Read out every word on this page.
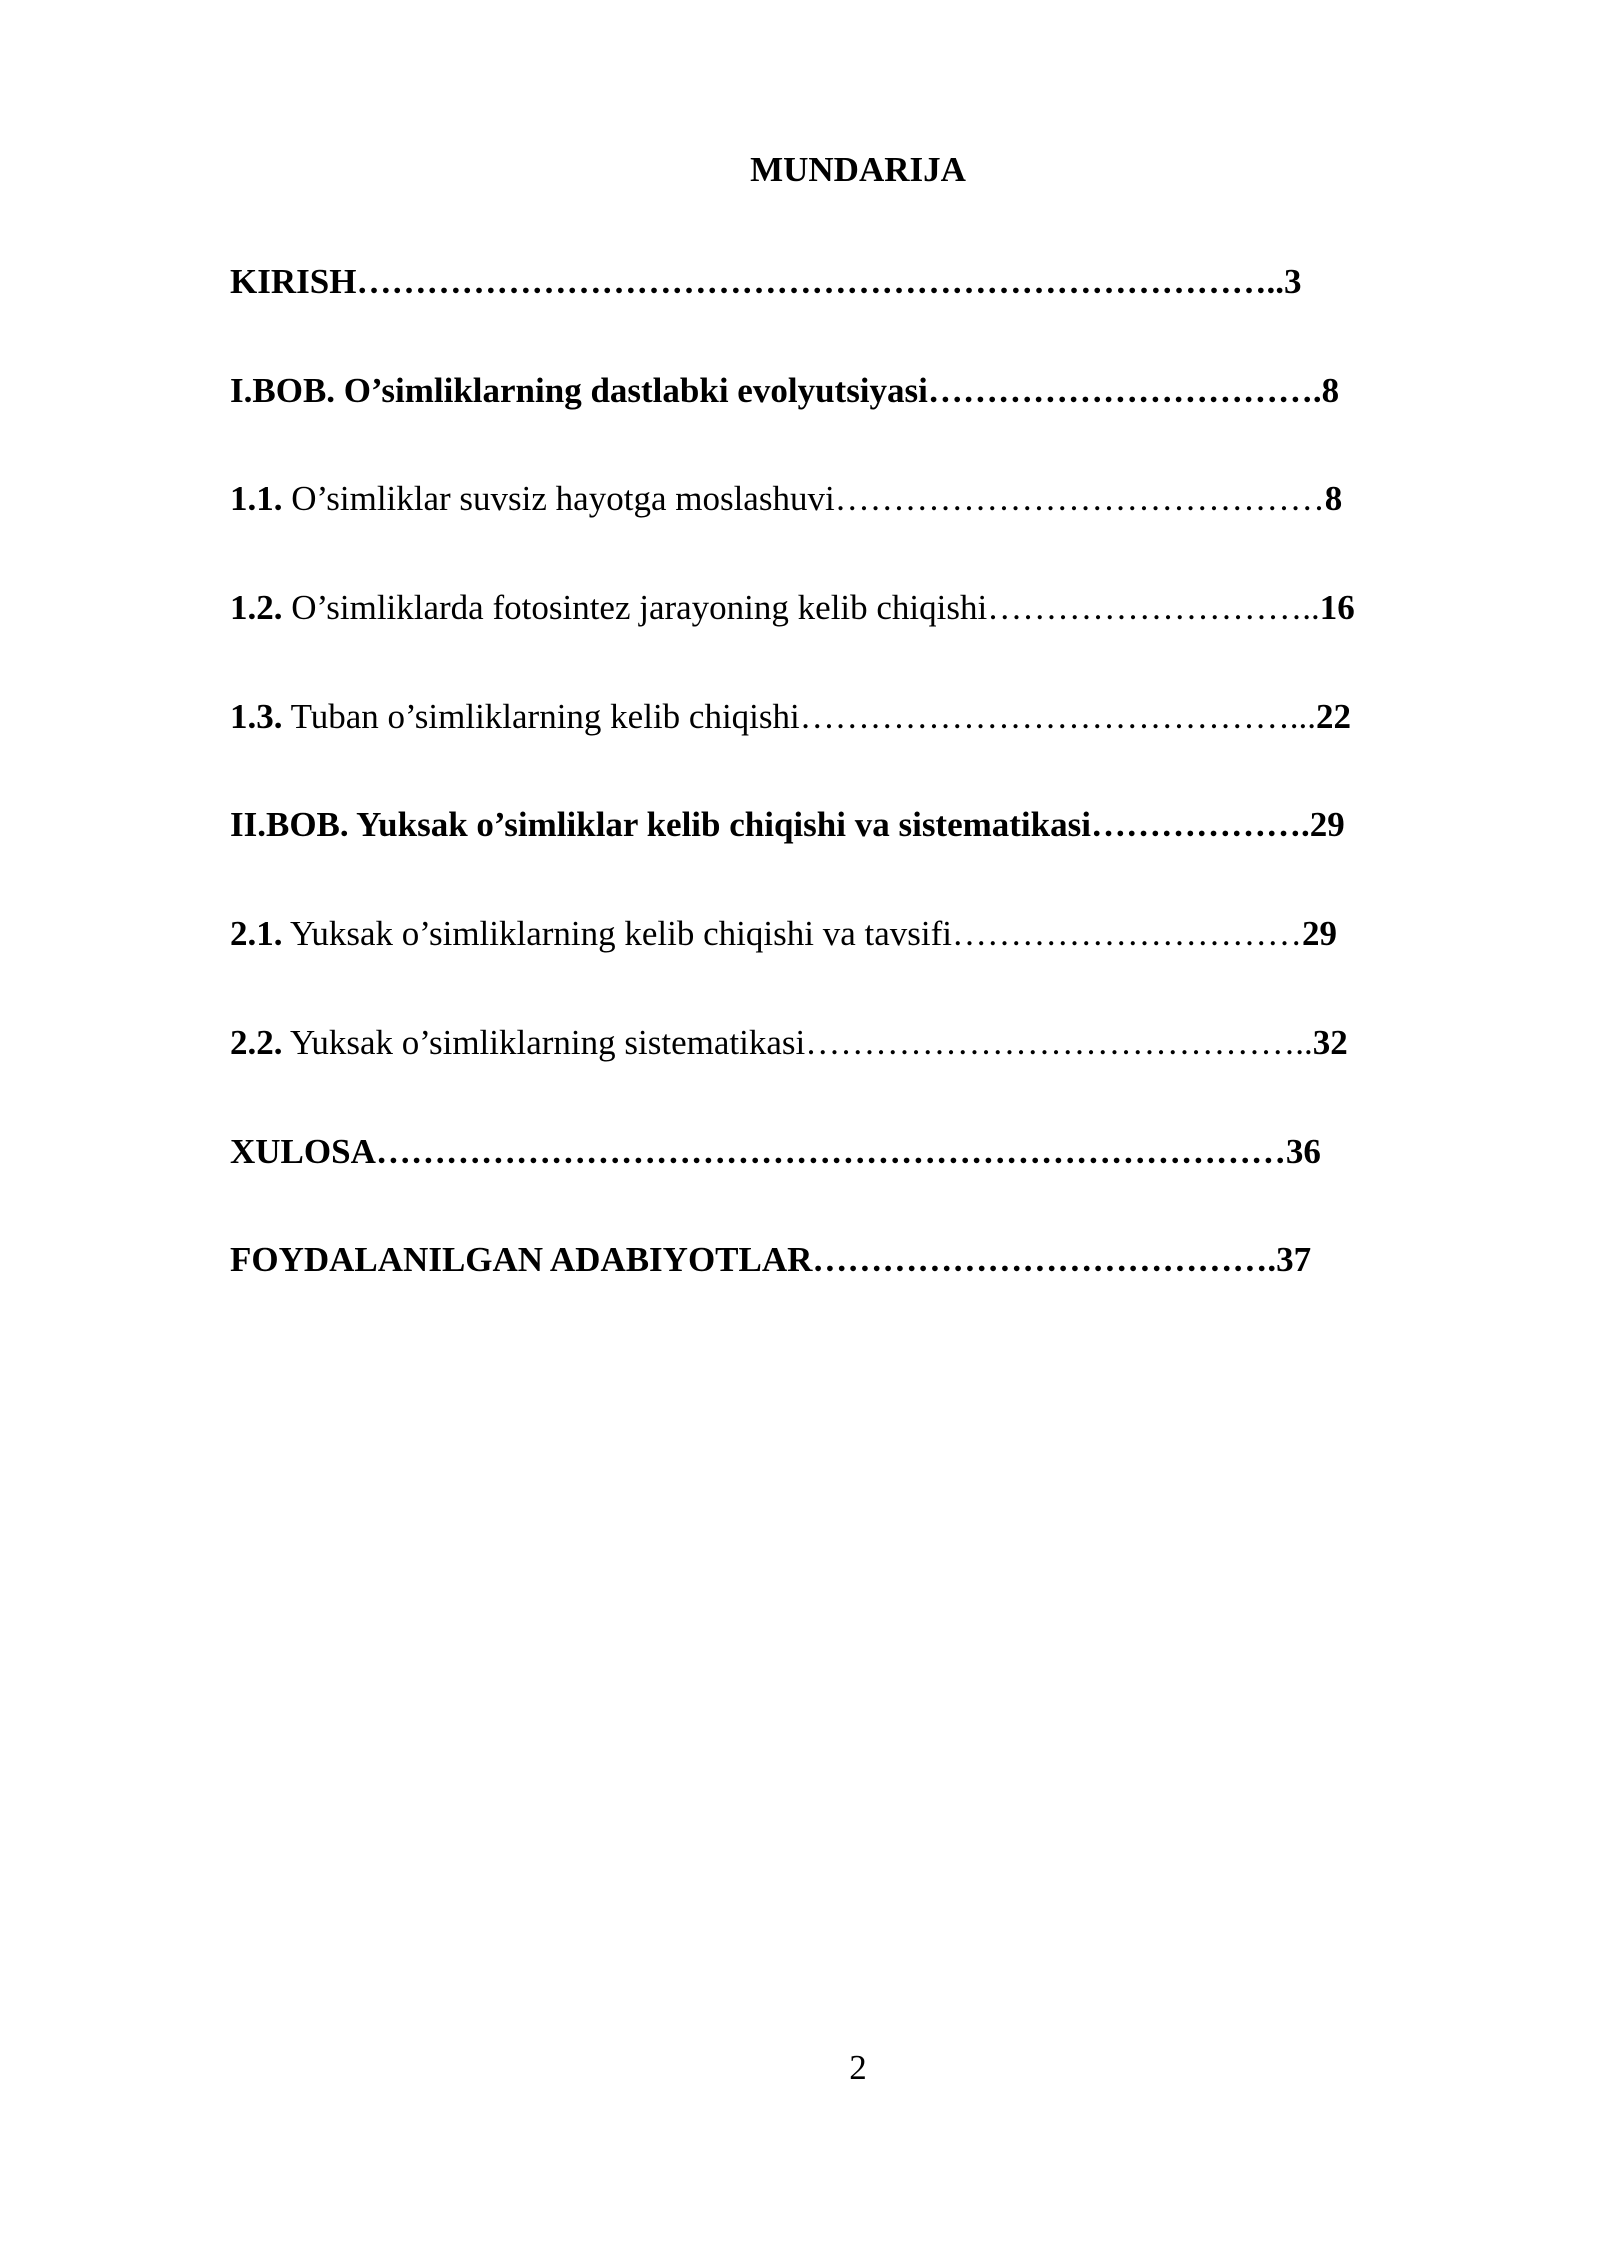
MUNDARIJA
KIRISH……………………………………………………………………..3
I.BOB. O’simliklarning dastlabki evolyutsiyasi…………………………….8
1.1. O’simliklar suvsiz hayotga moslashuvi……………………………………8
1.2. O’simliklarda fotosintez jarayoning kelib chiqishi………………………..16
1.3. Tuban o’simliklarning kelib chiqishi……………………………………...22
II.BOB. Yuksak o’simliklar kelib chiqishi va sistematikasi……………….29
2.1. Yuksak o’simliklarning kelib chiqishi va tavsifi…………………………29
2.2. Yuksak o’simliklarning sistematikasi……………………………………..32
XULOSA……………………………………………………………………36
FOYDALANILGAN ADABIYOTLAR………………………………….37
2
